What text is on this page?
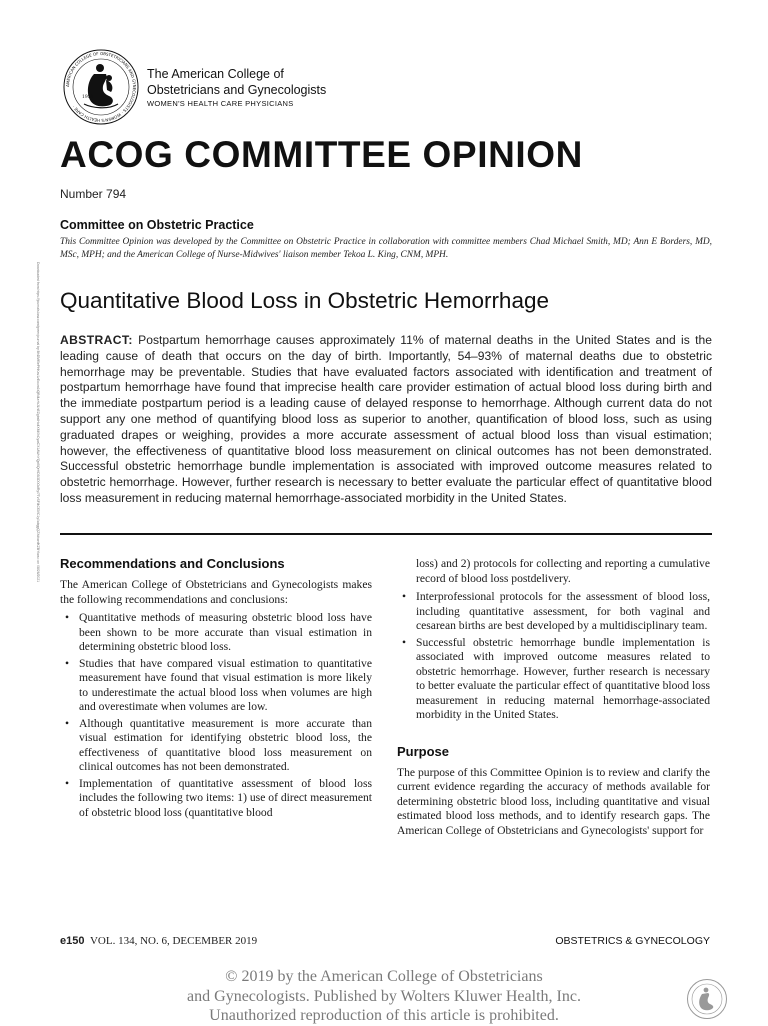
AMERICAN COLLEGE OF OBSTETRICIANS AND GYNECOLOGISTS · WOMEN'S HEALTH CARE ·
1951
The American College of
Obstetricians and Gynecologists
WOMEN'S HEALTH CARE PHYSICIANS
ACOG COMMITTEE OPINION
Number 794
Committee on Obstetric Practice
This Committee Opinion was developed by the Committee on Obstetric Practice in collaboration with committee members Chad Michael Smith, MD; Ann E Borders, MD, MSc, MPH; and the American College of Nurse-Midwives' liaison member Tekoa L. King, CNM, MPH.
Downloaded from https://journals.lww.com/greenjournal by BhDMf5ePHKav1zEoum1tQfN4a+kJLhEZgbsIHo4XMi0hCywCX1AWnYQp/IlQrHD3i3D0OdRyi7TvSFl4Cf3VC1y0abggQZXdtwnfKZBYtws= on 08/26/2021 Quantitative Blood Loss in Obstetric Hemorrhage
ABSTRACT: Postpartum hemorrhage causes approximately 11% of maternal deaths in the United States and is the leading cause of death that occurs on the day of birth. Importantly, 54–93% of maternal deaths due to obstetric hemorrhage may be preventable. Studies that have evaluated factors associated with identification and treatment of postpartum hemorrhage have found that imprecise health care provider estimation of actual blood loss during birth and the immediate postpartum period is a leading cause of delayed response to hemorrhage. Although current data do not support any one method of quantifying blood loss as superior to another, quantification of blood loss, such as using graduated drapes or weighing, provides a more accurate assessment of actual blood loss than visual estimation; however, the effectiveness of quantitative blood loss measurement on clinical outcomes has not been demonstrated. Successful obstetric hemorrhage bundle implementation is associated with improved outcome measures related to obstetric hemorrhage. However, further research is necessary to better evaluate the particular effect of quantitative blood loss measurement in reducing maternal hemorrhage-associated morbidity in the United States.
Recommendations and Conclusions

The American College of Obstetricians and Gynecologists makes the following recommendations and conclusions:

• Quantitative methods of measuring obstetric blood loss have been shown to be more accurate than visual estimation in determining obstetric blood loss.
• Studies that have compared visual estimation to quantitative measurement have found that visual estimation is more likely to underestimate the actual blood loss when volumes are high and overestimate when volumes are low.
• Although quantitative measurement is more accurate than visual estimation for identifying obstetric blood loss, the effectiveness of quantitative blood loss measurement on clinical outcomes has not been demonstrated.
• Implementation of quantitative assessment of blood loss includes the following two items: 1) use of direct measurement of obstetric blood loss (quantitative blood

loss) and 2) protocols for collecting and reporting a cumulative record of blood loss postdelivery.

• Interprofessional protocols for the assessment of blood loss, including quantitative assessment, for both vaginal and cesarean births are best developed by a multidisciplinary team.
• Successful obstetric hemorrhage bundle implementation is associated with improved outcome measures related to obstetric hemorrhage. However, further research is necessary to better evaluate the particular effect of quantitative blood loss measurement in reducing maternal hemorrhage-associated morbidity in the United States.
Purpose

The purpose of this Committee Opinion is to review and clarify the current evidence regarding the accuracy of methods available for determining obstetric blood loss, including quantitative and visual estimated blood loss methods, and to identify research gaps. The American College of Obstetricians and Gynecologists' support for

e150 VOL. 134, NO. 6, DECEMBER 2019	OBSTETRICS & GYNECOLOGY
© 2019 by the American College of Obstetricians
and Gynecologists. Published by Wolters Kluwer Health, Inc.
Unauthorized reproduction of this article is prohibited.
